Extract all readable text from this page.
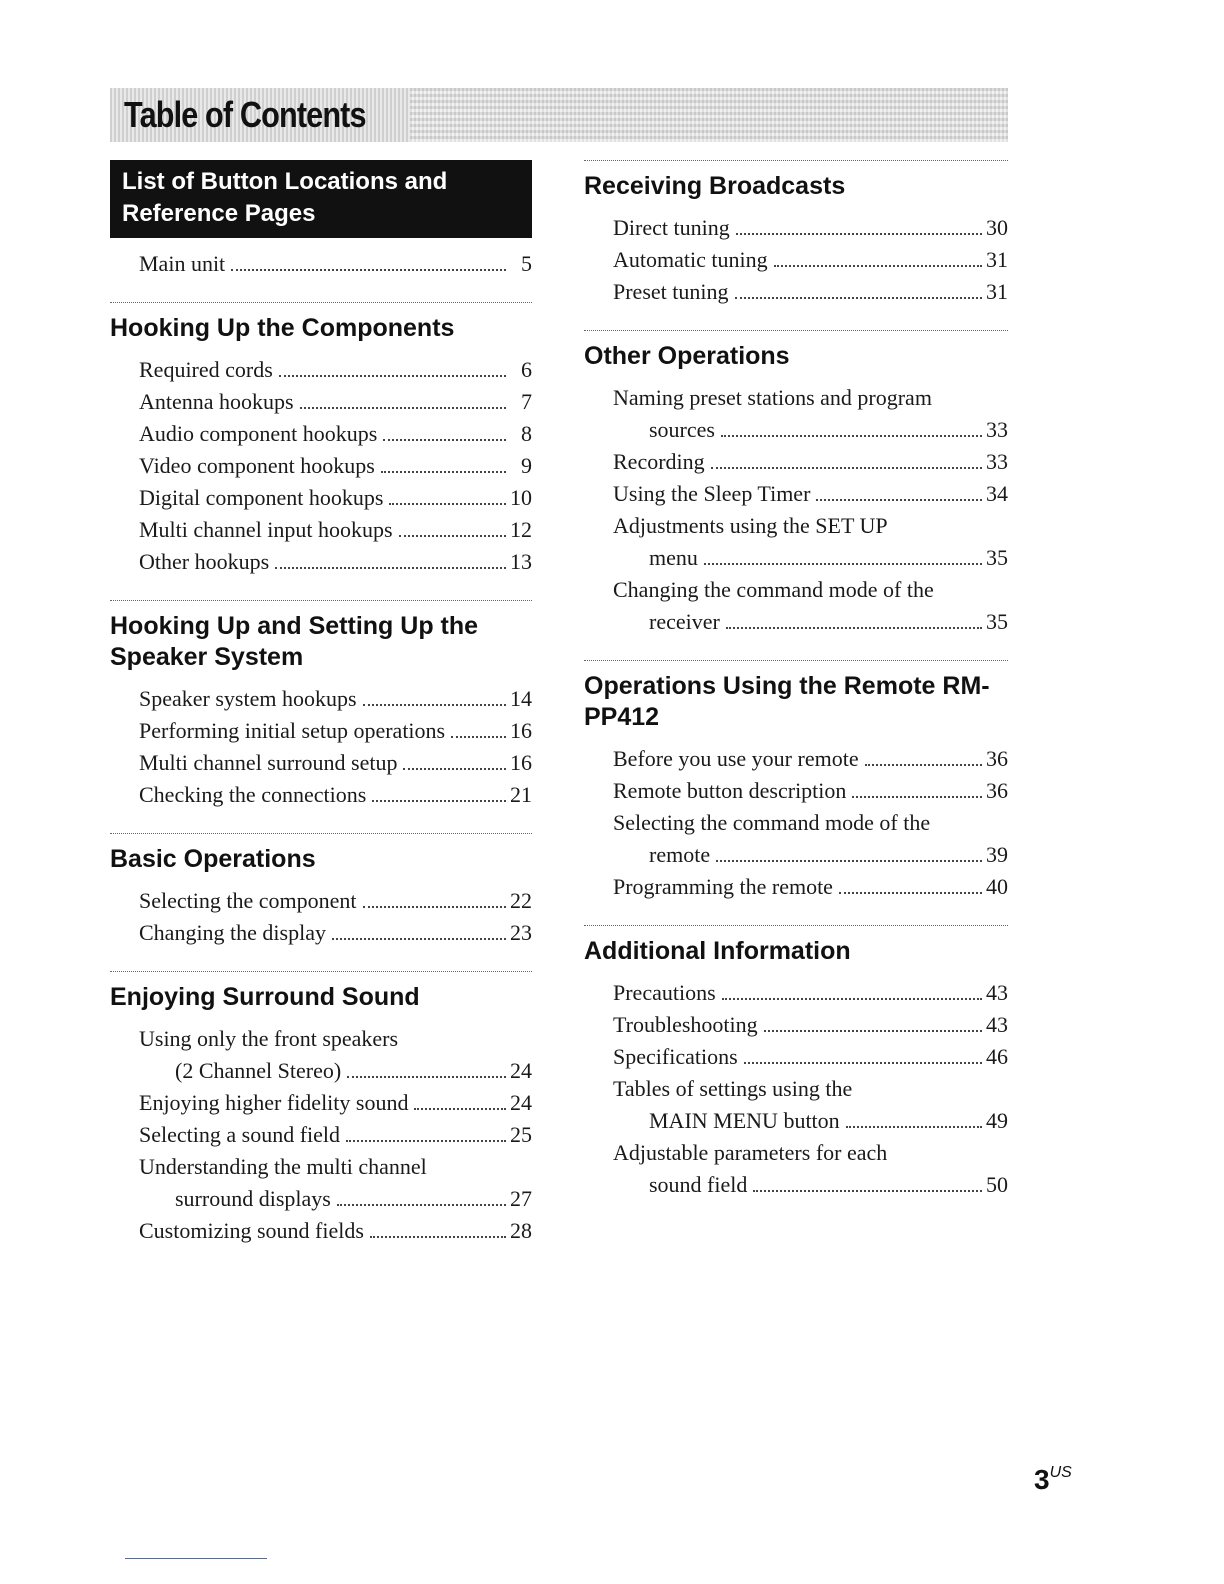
Table of Contents
List of Button Locations and Reference Pages
Main unit	5
Hooking Up the Components
Required cords	6
Antenna hookups	7
Audio component hookups	8
Video component hookups	9
Digital component hookups	10
Multi channel input hookups	12
Other hookups	13
Hooking Up and Setting Up the Speaker System
Speaker system hookups	14
Performing initial setup operations	16
Multi channel surround setup	16
Checking the connections	21
Basic Operations
Selecting the component	22
Changing the display	23
Enjoying Surround Sound
Using only the front speakers
(2 Channel Stereo)	24
Enjoying higher fidelity sound	24
Selecting a sound field	25
Understanding the multi channel
surround displays	27
Customizing sound fields	28
Receiving Broadcasts
Direct tuning	30
Automatic tuning	31
Preset tuning	31
Other Operations
Naming preset stations and program
sources	33
Recording	33
Using the Sleep Timer	34
Adjustments using the SET UP
menu	35
Changing the command mode of the
receiver	35
Operations Using the Remote RM-PP412
Before you use your remote	36
Remote button description	36
Selecting the command mode of the
remote	39
Programming the remote	40
Additional Information
Precautions	43
Troubleshooting	43
Specifications	46
Tables of settings using the
MAIN MENU button	49
Adjustable parameters for each
sound field	50
$3^{US}$
